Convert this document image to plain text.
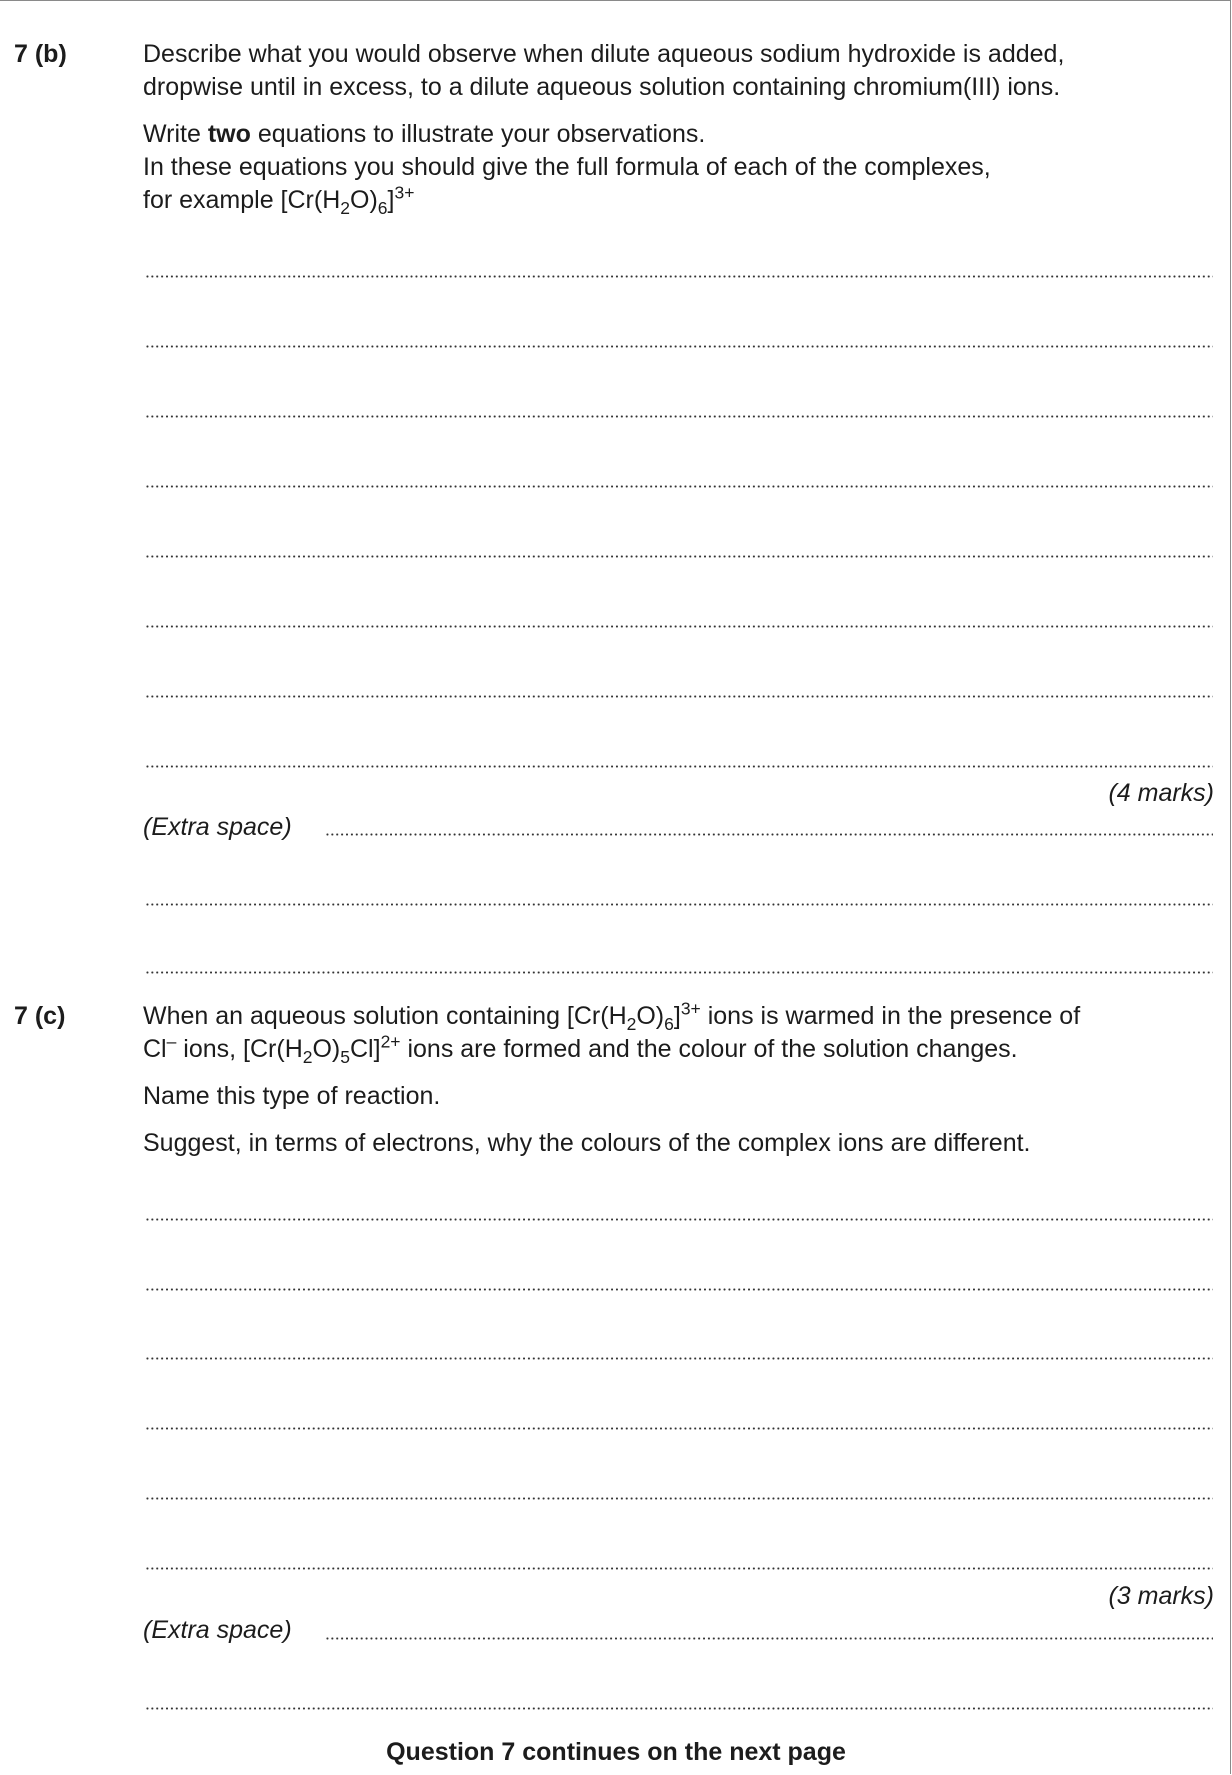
7 (b)	Describe what you would observe when dilute aqueous sodium hydroxide is added,

dropwise until in excess, to a dilute aqueous solution containing chromium(III) ions.

Write two equations to illustrate your observations.

In these equations you should give the full formula of each of the complexes,

for example $[Cr(H_2O)_6]^{3+}$

(4 marks)
(Extra space)
7 (c)	When an aqueous solution containing $[Cr(H_2O)_6]^{3+}$ ions is warmed in the presence of

Cl– ions, $[Cr(H_2O)_5Cl]^{2+}$ ions are formed and the colour of the solution changes.

Name this type of reaction.

Suggest, in terms of electrons, why the colours of the complex ions are different.

(3 marks)
(Extra space)
Question 7 continues on the next page
